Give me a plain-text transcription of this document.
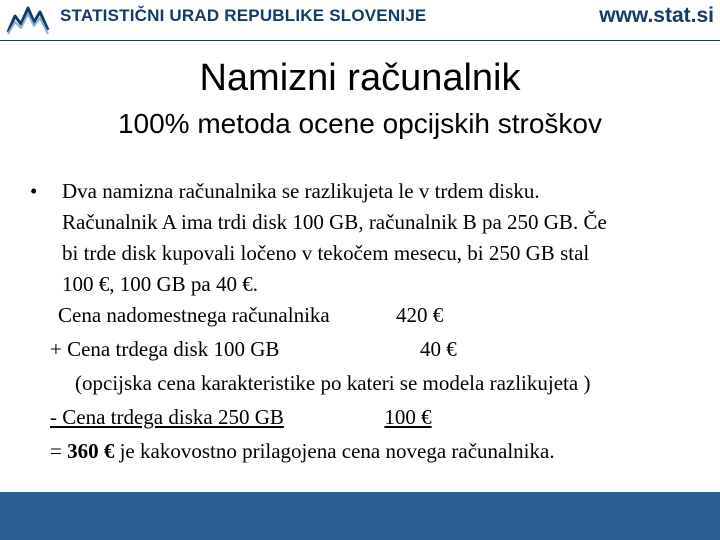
STATISTIČNI URAD REPUBLIKE SLOVENIJE	www.stat.si
Namizni računalnik
100% metoda ocene opcijskih stroškov
• Dva namizna računalnika se razlikujeta le v trdem disku.
Računalnik A ima trdi disk 100 GB, računalnik B pa 250 GB. Če
bi trde disk kupovali ločeno v tekočem mesecu, bi 250 GB stal
100 €, 100 GB pa 40 €.
Cena nadomestnega računalnika	420 €
+ Cena trdega disk 100 GB	40 €
(opcijska cena karakteristike po kateri se modela razlikujeta )
- Cena trdega diska 250 GB	100 €
= 360 € je kakovostno prilagojena cena novega računalnika.
